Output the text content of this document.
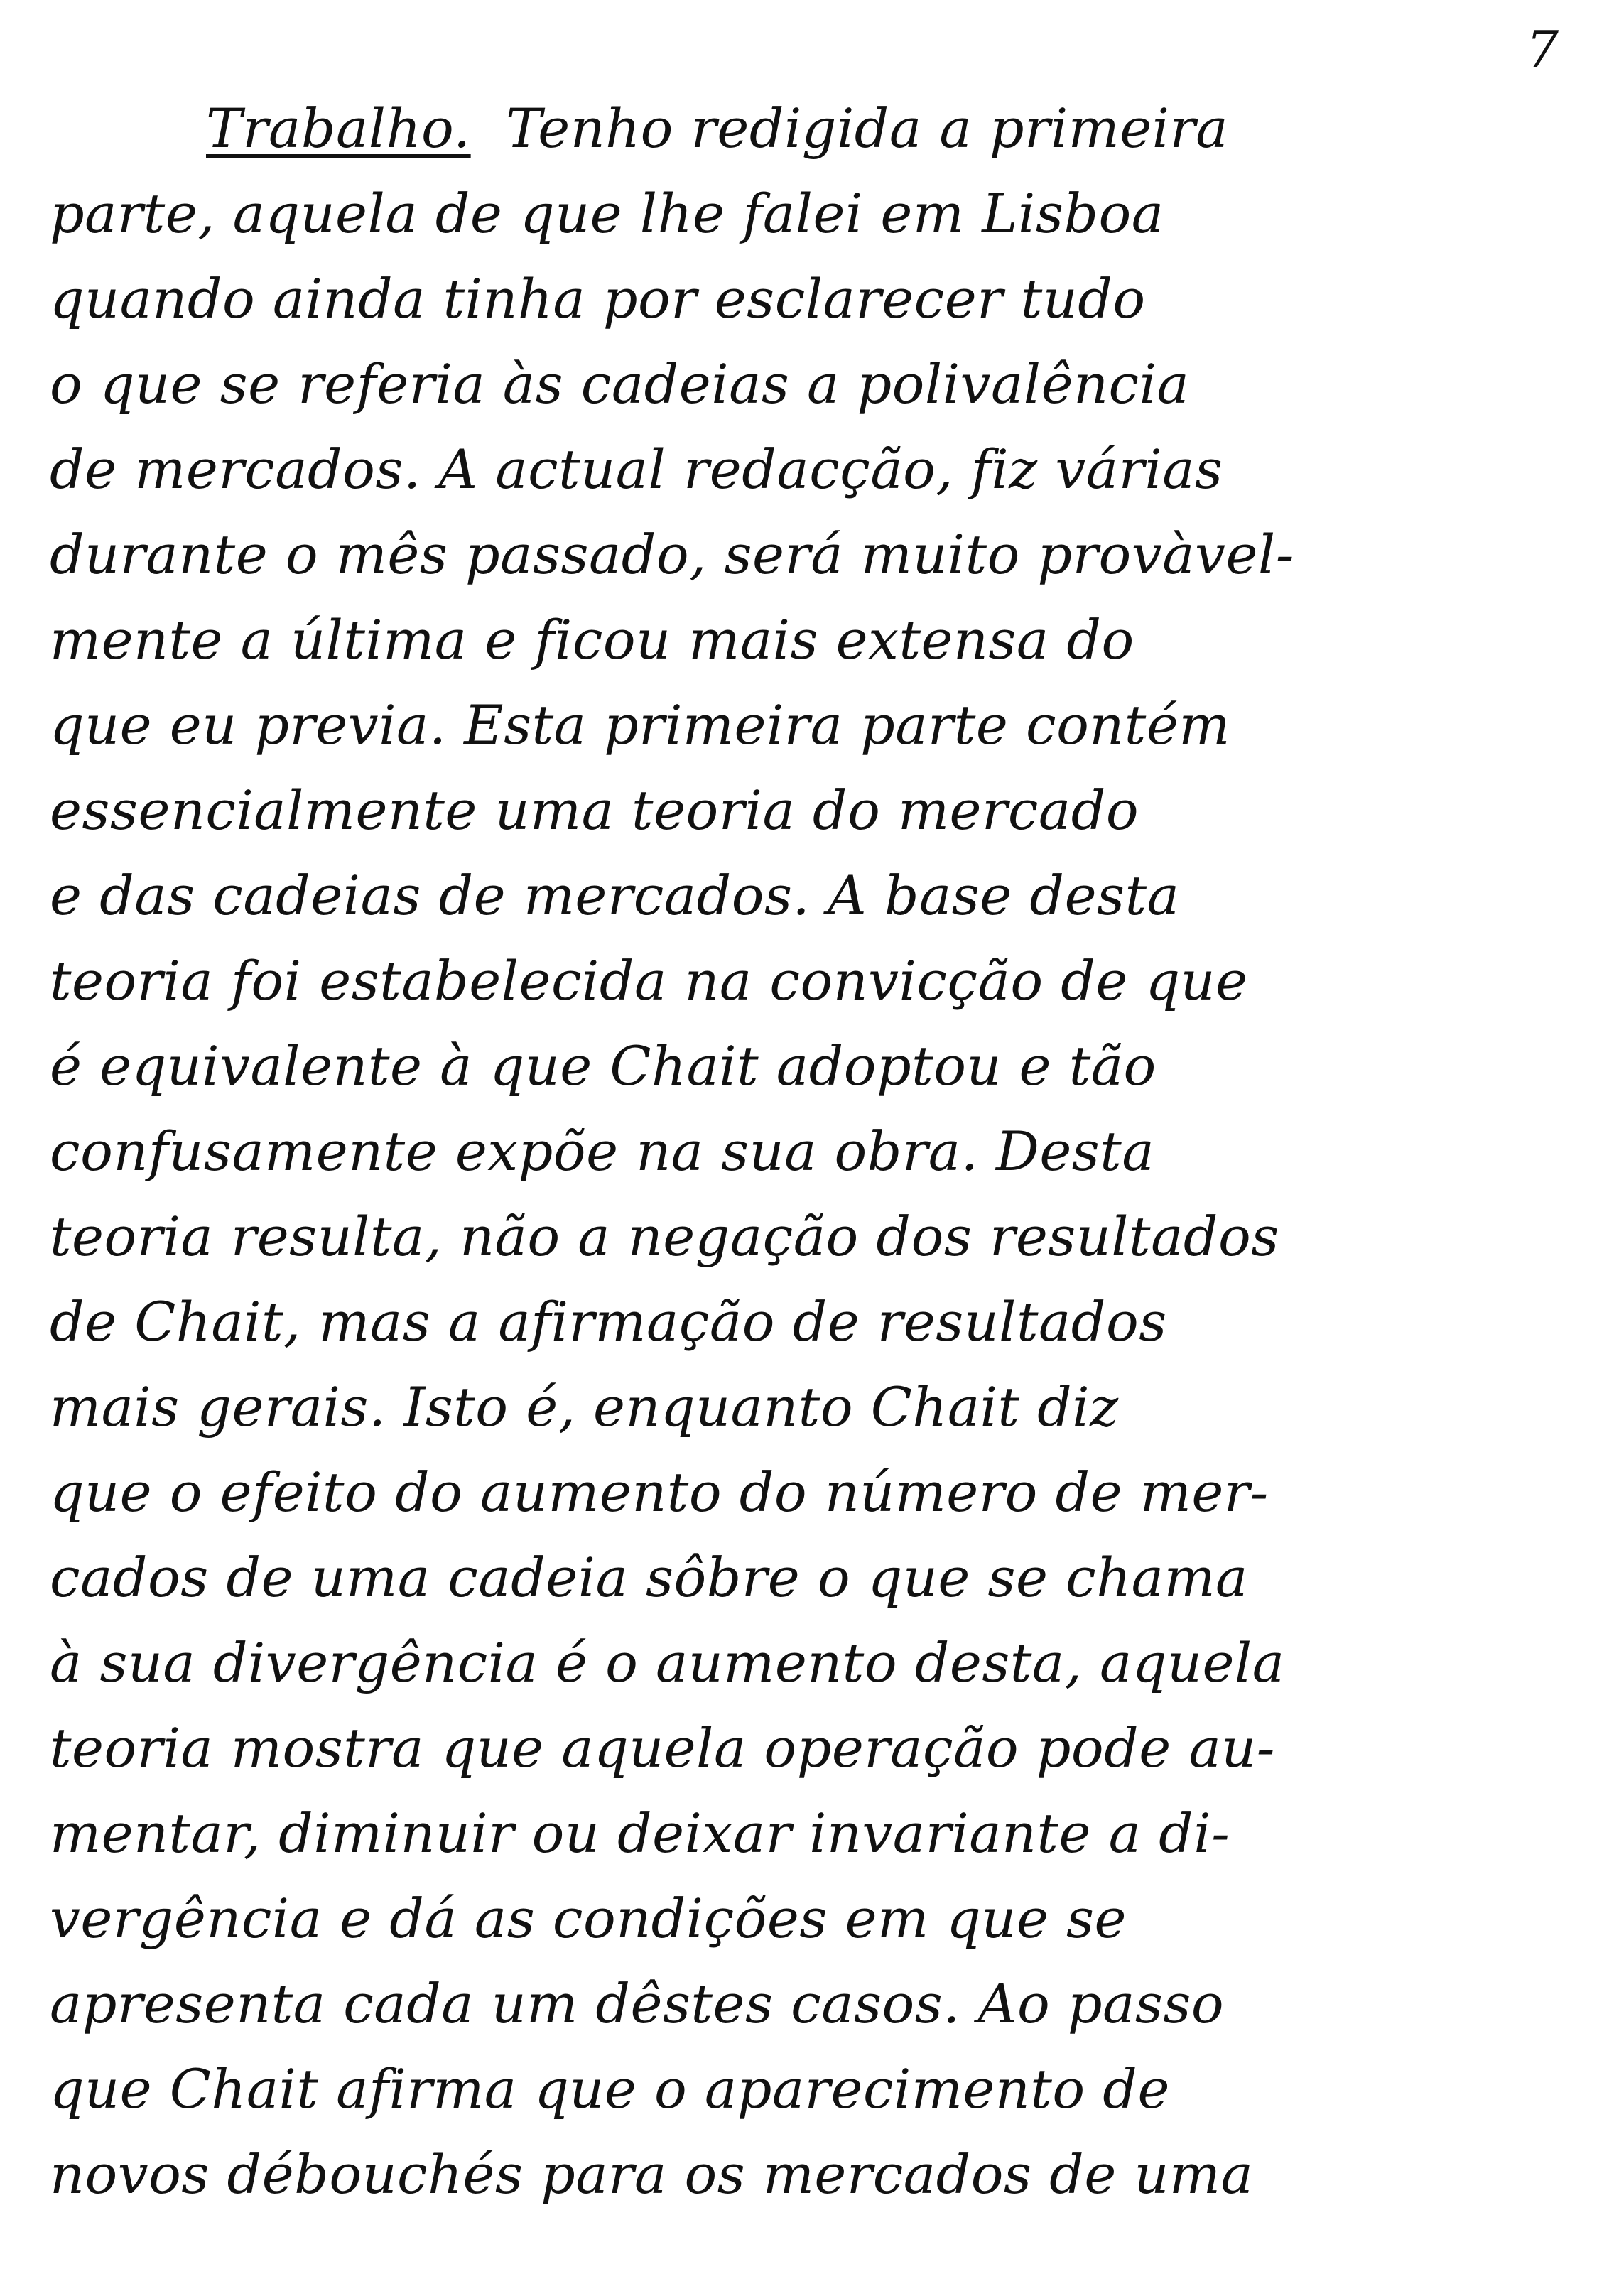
7
Trabalho.
Tenho redigida a primeira
parte, aquela de que lhe falei em Lisboa
quando ainda tinha por esclarecer tudo
o que se referia às cadeias a polivalência
de mercados. A actual redacção, fiz várias
durante o mês passado, será muito provàvel-
mente a última e ficou mais extensa do
que eu previa. Esta primeira parte contém
essencialmente uma teoria do mercado
e das cadeias de mercados. A base desta
teoria foi estabelecida na convicção de que
é equivalente à que Chait adoptou e tão
confusamente expõe na sua obra. Desta
teoria resulta, não a negação dos resultados
de Chait, mas a afirmação de resultados
mais gerais. Isto é, enquanto Chait diz
que o efeito do aumento do número de mer-
cados de uma cadeia sôbre o que se chama
à sua divergência é o aumento desta, aquela
teoria mostra que aquela operação pode au-
mentar, diminuir ou deixar invariante a di-
vergência e dá as condições em que se
apresenta cada um dêstes casos. Ao passo
que Chait afirma que o aparecimento de
novos débouchés para os mercados de uma
